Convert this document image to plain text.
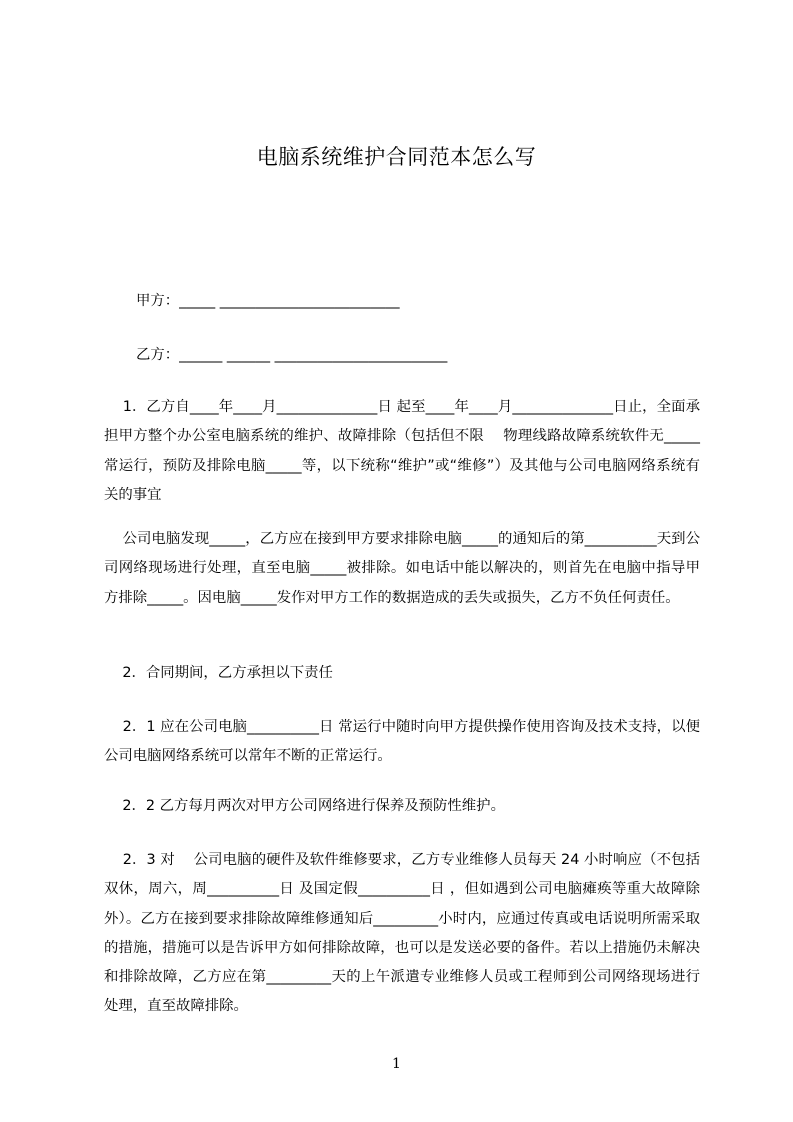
电脑系统维护合同范本怎么写
甲方：_____ _________________________
乙方：______ ______ ________________________
1．乙方自____年____月______________日 起至____年____月______________日止，全面承担甲方整个办公室电脑系统的维护、故障排除（包括但不限    物理线路故障系统软件无_____常运行，预防及排除电脑_____等，以下统称“维护”或“维修”）及其他与公司电脑网络系统有关的事宜
公司电脑发现_____，乙方应在接到甲方要求排除电脑_____的通知后的第__________天到公司网络现场进行处理，直至电脑_____被排除。如电话中能以解决的，则首先在电脑中指导甲方排除_____。因电脑_____发作对甲方工作的数据造成的丢失或损失，乙方不负任何责任。
2．合同期间，乙方承担以下责任
2．1 应在公司电脑__________日 常运行中随时向甲方提供操作使用咨询及技术支持，以便公司电脑网络系统可以常年不断的正常运行。
2．2 乙方每月两次对甲方公司网络进行保养及预防性维护。
2．3 对    公司电脑的硬件及软件维修要求，乙方专业维修人员每天 24 小时响应（不包括双休，周六，周__________日 及国定假__________日 ，但如遇到公司电脑瘫痪等重大故障除外）。乙方在接到要求排除故障维修通知后_________小时内，应通过传真或电话说明所需采取的措施，措施可以是告诉甲方如何排除故障，也可以是发送必要的备件。若以上措施仍未解决和排除故障，乙方应在第_________天的上午派遣专业维修人员或工程师到公司网络现场进行处理，直至故障排除。
1
